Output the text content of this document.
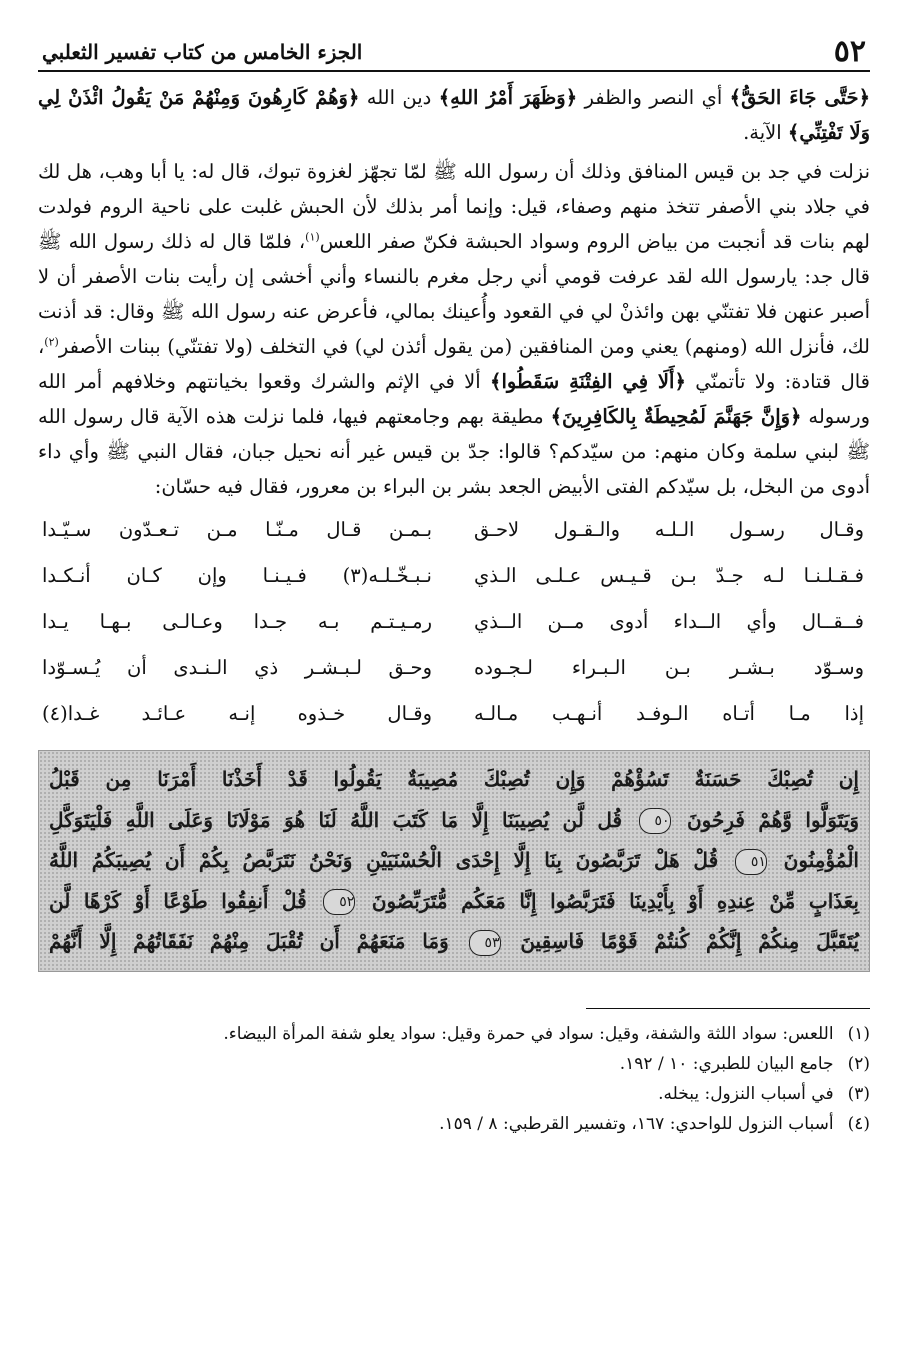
٥٢
الجزء الخامس من كتاب تفسير الثعلبي

﴿حَتَّى جَاءَ الحَقُّ﴾ أي النصر والظفر ﴿وَظَهَرَ أَمْرُ اللهِ﴾ دين الله ﴿وَهُمْ كَارِهُونَ وَمِنْهُمْ مَنْ يَقُولُ ائْذَنْ لِي وَلَا تَفْتِنِّي﴾ الآية.

نزلت في جد بن قيس المنافق وذلك أن رسول الله ﷺ لمّا تجهّز لغزوة تبوك، قال له: يا أبا وهب، هل لك في جلاد بني الأصفر تتخذ منهم وصفاء، قيل: وإنما أمر بذلك لأن الحبش غلبت على ناحية الروم فولدت لهم بنات قد أنجبت من بياض الروم وسواد الحبشة فكنّ صفر اللعس$^{(١)}$، فلمّا قال له ذلك رسول الله ﷺ قال جد: يارسول الله لقد عرفت قومي أني رجل مغرم بالنساء وأني أخشى إن رأيت بنات الأصفر أن لا أصبر عنهن فلا تفتنّي بهن وائذنْ لي في القعود وأُعينك بمالي، فأعرض عنه رسول الله ﷺ وقال: قد أذنت لك، فأنزل الله (ومنهم) يعني ومن المنافقين (من يقول أئذن لي) في التخلف (ولا تفتنّي) ببنات الأصفر$^{(٢)}$، قال قتادة: ولا تأتمنّي ﴿أَلَا فِي الفِتْنَةِ سَقَطُوا﴾ ألا في الإثم والشرك وقعوا بخيانتهم وخلافهم أمر الله ورسوله ﴿وَإِنَّ جَهَنَّمَ لَمُحِيطَةٌ بِالكَافِرِينَ﴾ مطيقة بهم وجامعتهم فيها، فلما نزلت هذه الآية قال رسول الله ﷺ لبني سلمة وكان منهم: من سيّدكم؟ قالوا: جدّ بن قيس غير أنه نحيل جبان، فقال النبي ﷺ وأي داء أدوى من البخل، بل سيّدكم الفتى الأبيض الجعد بشر بن البراء بن معرور، فقال فيه حسّان:

وقـال رسـول الـلـه والـقـول لاحـق
بـمـن قـال مـنّـا مـن تـعـدّون سـيّـدا
فـقـلـنـا لـه جـدّ بـن قـيـس عـلـى الـذي
نـبـخّـلـه(٣) فـيـنـا وإن كـان أنـكـدا
فــقــال وأي الــداء أدوى مــن الــذي
رمـيـتـم بـه جـدا وعـالـى بـهـا يـدا
وسـوّد بـشـر بـن الـبـراء لـجـوده
وحـق لـبـشـر ذي الـنـدى أن يُـسـوّدا
إذا مـا أتـاه الـوفـد أنـهـب مـالـه
وقـال خـذوه إنـه عـائـد غـدا(٤)
إِن تُصِبْكَ حَسَنَةٌ تَسُؤْهُمْ وَإِن تُصِبْكَ مُصِيبَةٌ يَقُولُوا قَدْ أَخَذْنَا أَمْرَنَا مِن قَبْلُ
وَيَتَوَلَّوا وَّهُمْ فَرِحُونَ ٥٠ قُل لَّن يُصِيبَنَا إِلَّا مَا كَتَبَ اللَّهُ لَنَا هُوَ مَوْلَانَا وَعَلَى اللَّهِ فَلْيَتَوَكَّلِ
الْمُؤْمِنُونَ ٥١ قُلْ هَلْ تَرَبَّصُونَ بِنَا إِلَّا إِحْدَى الْحُسْنَيَيْنِ وَنَحْنُ نَتَرَبَّصُ بِكُمْ أَن يُصِيبَكُمُ اللَّهُ
بِعَذَابٍ مِّنْ عِندِهِ أَوْ بِأَيْدِينَا فَتَرَبَّصُوا إِنَّا مَعَكُم مُّتَرَبِّصُونَ ٥٢ قُلْ أَنفِقُوا طَوْعًا أَوْ كَرْهًا لَّن
يُتَقَبَّلَ مِنكُمْ إِنَّكُمْ كُنتُمْ قَوْمًا فَاسِقِينَ ٥٣ وَمَا مَنَعَهُمْ أَن تُقْبَلَ مِنْهُمْ نَفَقَاتُهُمْ إِلَّا أَنَّهُمْ
(١)
اللعس: سواد اللثة والشفة، وقيل: سواد في حمرة وقيل: سواد يعلو شفة المرأة البيضاء.
(٢)
جامع البيان للطبري: ١٠ / ١٩٢.
(٣)
في أسباب النزول: يبخله.
(٤)
أسباب النزول للواحدي: ١٦٧، وتفسير القرطبي: ٨ / ١٥٩.
